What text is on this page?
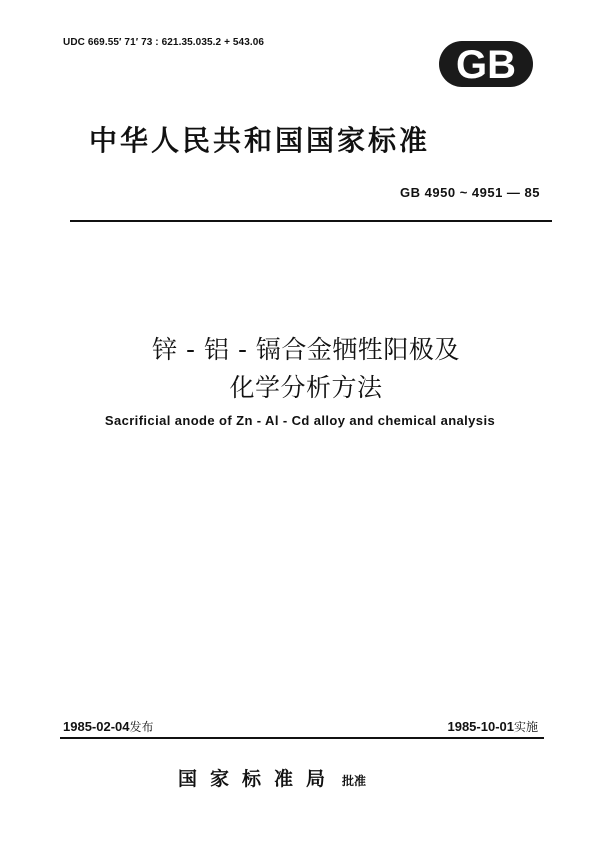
UDC 669.55′ 71′ 73 : 621.35.035.2 + 543.06
GB
中华人民共和国国家标准
GB 4950 ~ 4951 — 85
锌 - 铝 - 镉合金牺牲阳极及
化学分析方法
Sacrificial anode of Zn - Al - Cd alloy and chemical analysis
1985-02-04发布	1985-10-01实施
国家标准局 批准
